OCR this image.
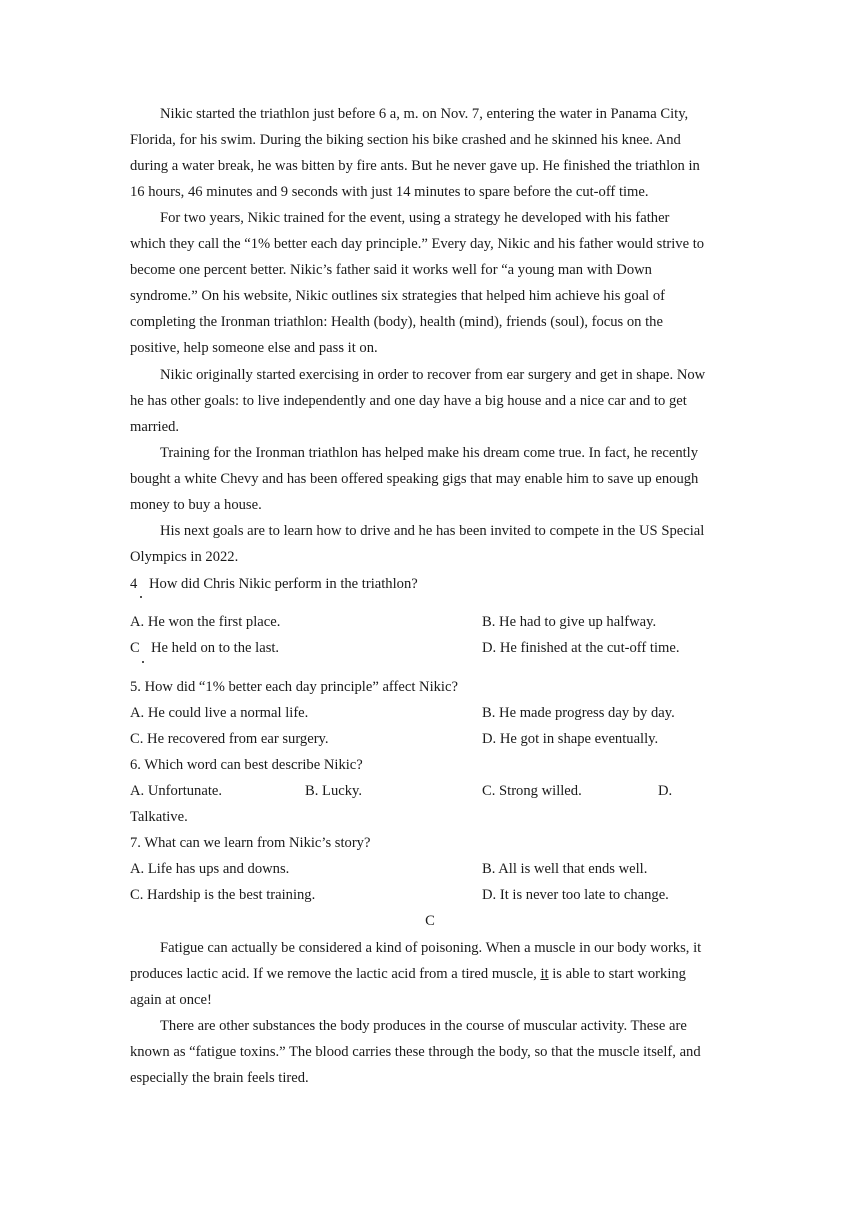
Nikic started the triathlon just before 6 a, m. on Nov. 7, entering the water in Panama City,
Florida, for his swim. During the biking section his bike crashed and he skinned his knee. And
during a water break, he was bitten by fire ants. But he never gave up. He finished the triathlon in
16 hours, 46 minutes and 9 seconds with just 14 minutes to spare before the cut-off time.
For two years, Nikic trained for the event, using a strategy he developed with his father
which they call the “1% better each day principle.” Every day, Nikic and his father would strive to
become one percent better. Nikic’s father said it works well for “a young man with Down
syndrome.” On his website, Nikic outlines six strategies that helped him achieve his goal of
completing the Ironman triathlon: Health (body), health (mind), friends (soul), focus on the
positive, help someone else and pass it on.
Nikic originally started exercising in order to recover from ear surgery and get in shape. Now
he has other goals: to live independently and one day have a big house and a nice car and to get
married.
Training for the Ironman triathlon has helped make his dream come true. In fact, he recently
bought a white Chevy and has been offered speaking gigs that may enable him to save up enough
money to buy a house.
His next goals are to learn how to drive and he has been invited to compete in the US Special
Olympics in 2022.
4 How did Chris Nikic perform in the triathlon?
A. He won the first place.	B. He had to give up halfway.
C He held on to the last.	D. He finished at the cut-off time.
5. How did “1% better each day principle” affect Nikic?
A. He could live a normal life.	B. He made progress day by day.
C. He recovered from ear surgery.	D. He got in shape eventually.
6. Which word can best describe Nikic?
A. Unfortunate.	B. Lucky.	C. Strong willed.	D.
Talkative.
7. What can we learn from Nikic’s story?
A. Life has ups and downs.	B. All is well that ends well.
C. Hardship is the best training.	D. It is never too late to change.
C
Fatigue can actually be considered a kind of poisoning. When a muscle in our body works, it
produces lactic acid. If we remove the lactic acid from a tired muscle, it is able to start working
again at once!
There are other substances the body produces in the course of muscular activity. These are
known as “fatigue toxins.” The blood carries these through the body, so that the muscle itself, and
especially the brain feels tired.
